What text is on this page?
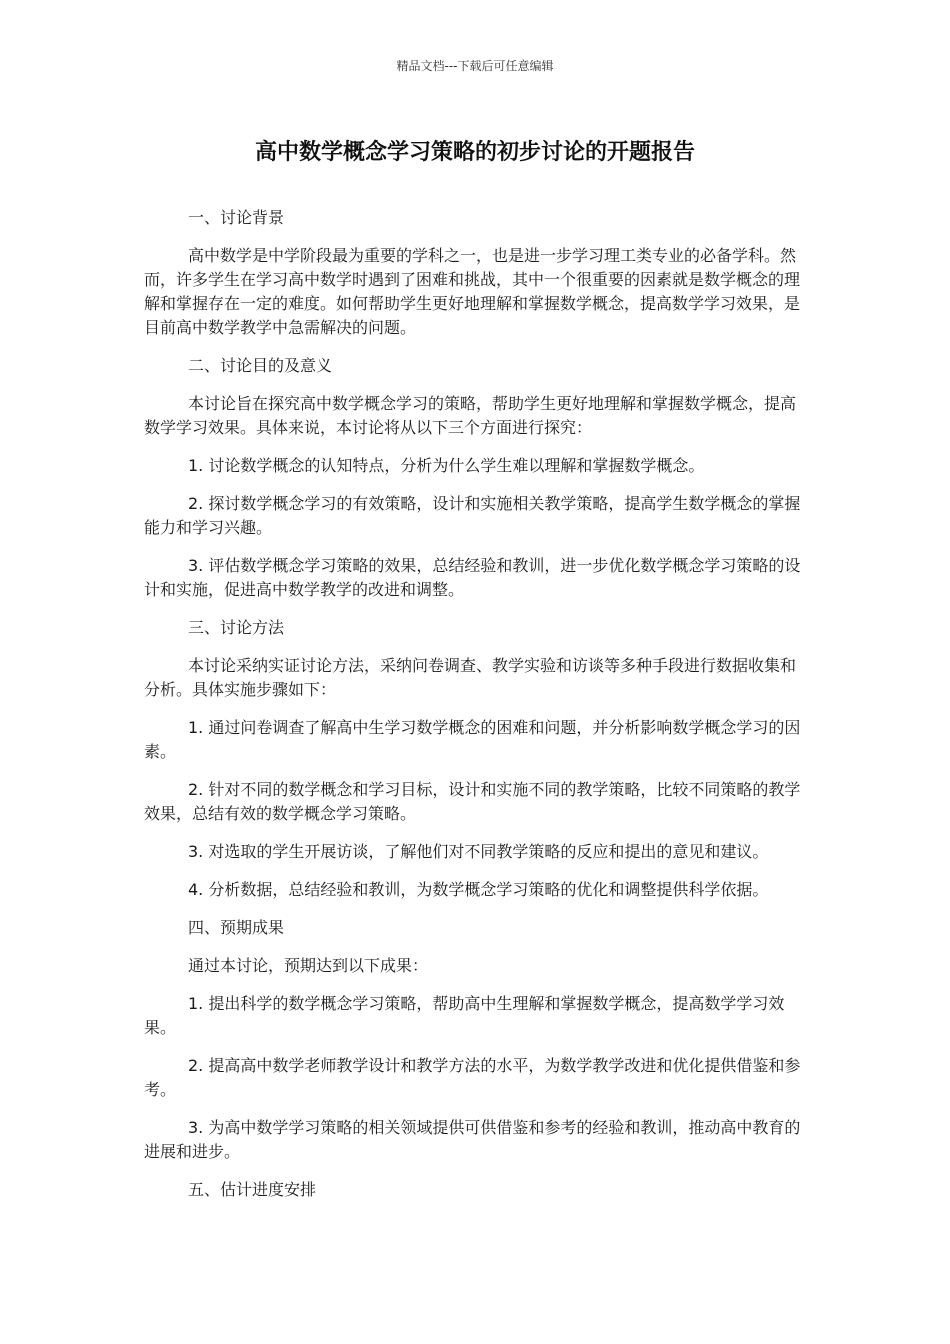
精品文档---下载后可任意编辑
高中数学概念学习策略的初步讨论的开题报告

一、讨论背景

高中数学是中学阶段最为重要的学科之一，也是进一步学习理工类专业的必备学科。然而，许多学生在学习高中数学时遇到了困难和挑战，其中一个很重要的因素就是数学概念的理解和掌握存在一定的难度。如何帮助学生更好地理解和掌握数学概念，提高数学学习效果，是目前高中数学教学中急需解决的问题。

二、讨论目的及意义

本讨论旨在探究高中数学概念学习的策略，帮助学生更好地理解和掌握数学概念，提高数学学习效果。具体来说，本讨论将从以下三个方面进行探究：

1. 讨论数学概念的认知特点，分析为什么学生难以理解和掌握数学概念。

2. 探讨数学概念学习的有效策略，设计和实施相关教学策略，提高学生数学概念的掌握能力和学习兴趣。

3. 评估数学概念学习策略的效果，总结经验和教训，进一步优化数学概念学习策略的设计和实施，促进高中数学教学的改进和调整。

三、讨论方法

本讨论采纳实证讨论方法，采纳问卷调查、教学实验和访谈等多种手段进行数据收集和分析。具体实施步骤如下：

1. 通过问卷调查了解高中生学习数学概念的困难和问题，并分析影响数学概念学习的因素。

2. 针对不同的数学概念和学习目标，设计和实施不同的教学策略，比较不同策略的教学效果，总结有效的数学概念学习策略。

3. 对选取的学生开展访谈，了解他们对不同教学策略的反应和提出的意见和建议。

4. 分析数据，总结经验和教训，为数学概念学习策略的优化和调整提供科学依据。

四、预期成果

通过本讨论，预期达到以下成果：

1. 提出科学的数学概念学习策略，帮助高中生理解和掌握数学概念，提高数学学习效果。

2. 提高高中数学老师教学设计和教学方法的水平，为数学教学改进和优化提供借鉴和参考。

3. 为高中数学学习策略的相关领域提供可供借鉴和参考的经验和教训，推动高中教育的进展和进步。

五、估计进度安排
